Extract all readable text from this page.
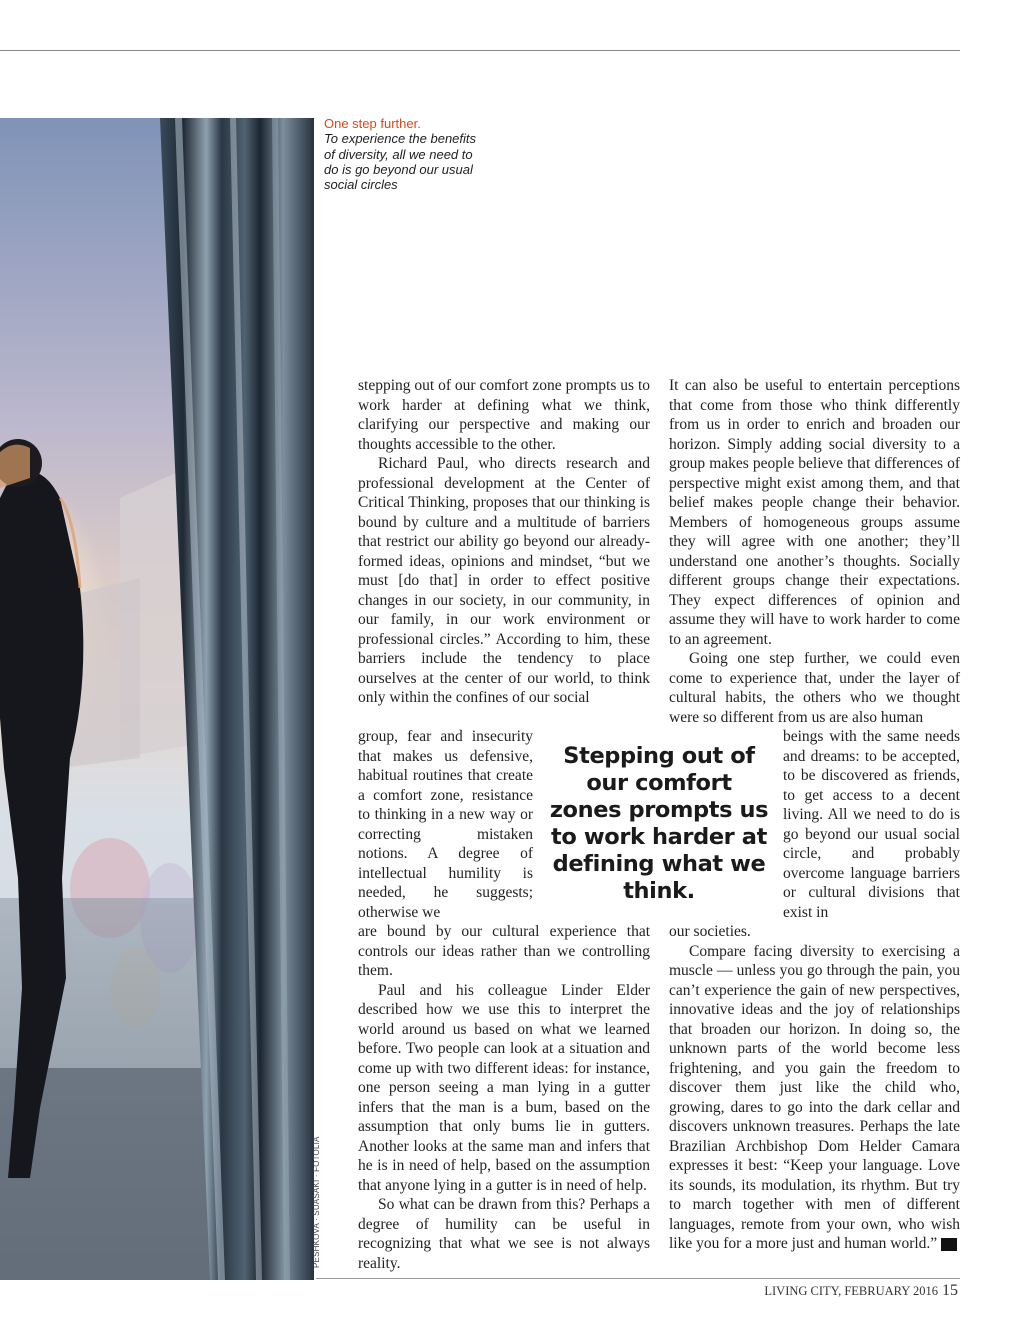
PESHKOVA · SUASAKI · FOTOLIA
One step further.
To experience the benefits of diversity, all we need to do is go beyond our usual social circles

stepping out of our comfort zone prompts us to work harder at defining what we think, clarifying our perspective and making our thoughts accessible to the other.

Richard Paul, who directs research and professional development at the Center of Critical Thinking, proposes that our thinking is bound by culture and a multitude of barriers that restrict our ability go beyond our already-formed ideas, opinions and mindset, “but we must [do that] in order to effect positive changes in our society, in our community, in our family, in our work environment or professional circles.” According to him, these barriers include the tendency to place ourselves at the center of our world, to think only within the confines of our social

group, fear and insecurity that makes us defensive, habitual routines that create a comfort zone, resistance to thinking in a new way or correcting mistaken notions. A degree of intellectual humility is needed, he suggests; otherwise we

are bound by our cultural experience that controls our ideas rather than we controlling them.

Paul and his colleague Linder Elder described how we use this to interpret the world around us based on what we learned before. Two people can look at a situation and come up with two different ideas: for instance, one person seeing a man lying in a gutter infers that the man is a bum, based on the assumption that only bums lie in gutters. Another looks at the same man and infers that he is in need of help, based on the assumption that anyone lying in a gutter is in need of help.

So what can be drawn from this? Perhaps a degree of humility can be useful in recognizing that what we see is not always reality.

Stepping out of our comfort zones prompts us to work harder at defining what we think.

It can also be useful to entertain perceptions that come from those who think differently from us in order to enrich and broaden our horizon. Simply adding social diversity to a group makes people believe that differences of perspective might exist among them, and that belief makes people change their behavior. Members of homogeneous groups assume they will agree with one another; they’ll understand one another’s thoughts. Socially different groups change their expectations. They expect differences of opinion and assume they will have to work harder to come to an agreement.

Going one step further, we could even come to experience that, under the layer of cultural habits, the others who we thought were so different from us are also human

beings with the same needs and dreams: to be accepted, to be discovered as friends, to get access to a decent living. All we need to do is go beyond our usual social circle, and probably overcome language barriers or cultural divisions that exist in

our societies.

Compare facing diversity to exercising a muscle — unless you go through the pain, you can’t experience the gain of new perspectives, innovative ideas and the joy of relationships that broaden our horizon. In doing so, the unknown parts of the world become less frightening, and you gain the freedom to discover them just like the child who, growing, dares to go into the dark cellar and discovers unknown treasures. Perhaps the late Brazilian Archbishop Dom Helder Camara expresses it best: “Keep your language. Love its sounds, its modulation, its rhythm. But try to march together with men of different languages, remote from your own, who wish like you for a more just and human world.”	LC

LIVING CITY, FEBRUARY 2016 15
